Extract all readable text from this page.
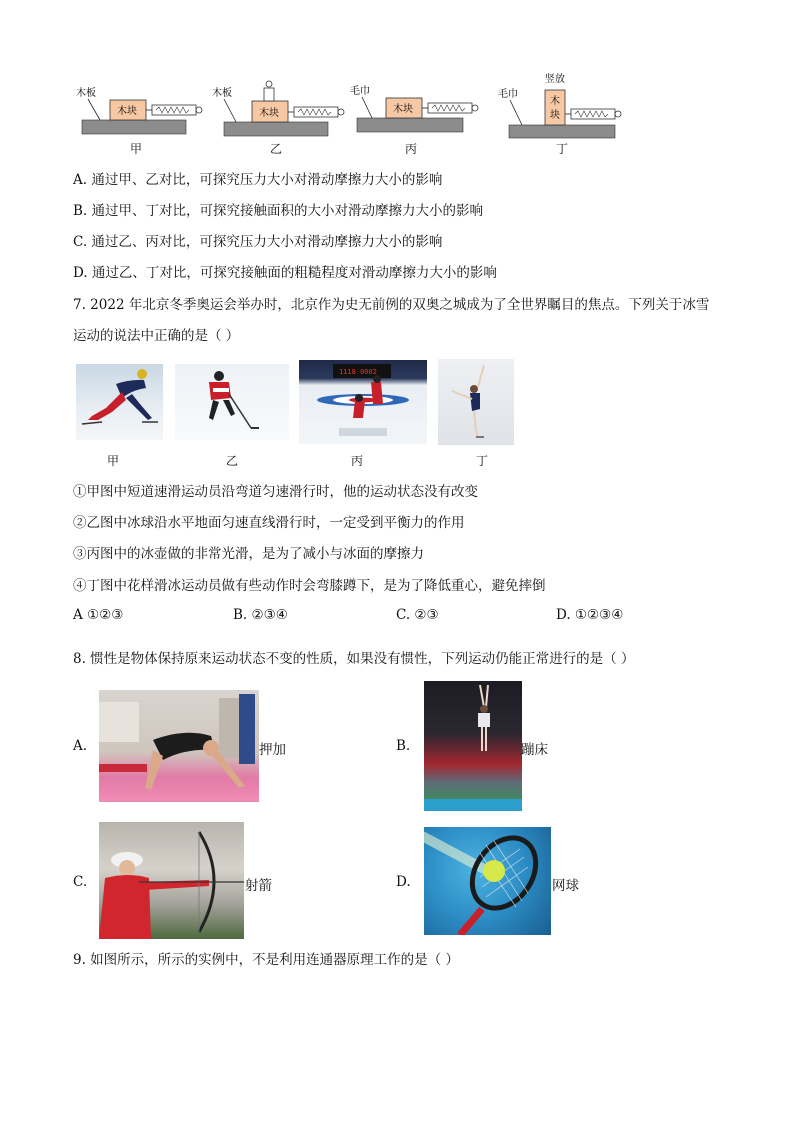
木板
木块
木板
木块
毛巾
木块
竖放
毛巾
木
块
甲	乙	丙	丁
A. 通过甲、乙对比，可探究压力大小对滑动摩擦力大小的影响
B. 通过甲、丁对比，可探究接触面积的大小对滑动摩擦力大小的影响
C. 通过乙、丙对比，可探究压力大小对滑动摩擦力大小的影响
D. 通过乙、丁对比，可探究接触面的粗糙程度对滑动摩擦力大小的影响
7. 2022 年北京冬季奥运会举办时，北京作为史无前例的双奥之城成为了全世界瞩目的焦点。下列关于冰雪
运动的说法中正确的是（ ）
1118 0002
甲	乙	丙	丁
①甲图中短道速滑运动员沿弯道匀速滑行时，他的运动状态没有改变
②乙图中冰球沿水平地面匀速直线滑行时，一定受到平衡力的作用
③丙图中的冰壶做的非常光滑，是为了减小与冰面的摩擦力
④丁图中花样滑冰运动员做有些动作时会弯膝蹲下，是为了降低重心，避免摔倒
A ①②③	B. ②③④	C. ②③	D. ①②③④
8. 惯性是物体保持原来运动状态不变的性质，如果没有惯性，下列运动仍能正常进行的是（ ）
A.	押加	B.	蹦床
C.	射箭	D.	网球
9. 如图所示，所示的实例中，不是利用连通器原理工作的是（ ）
